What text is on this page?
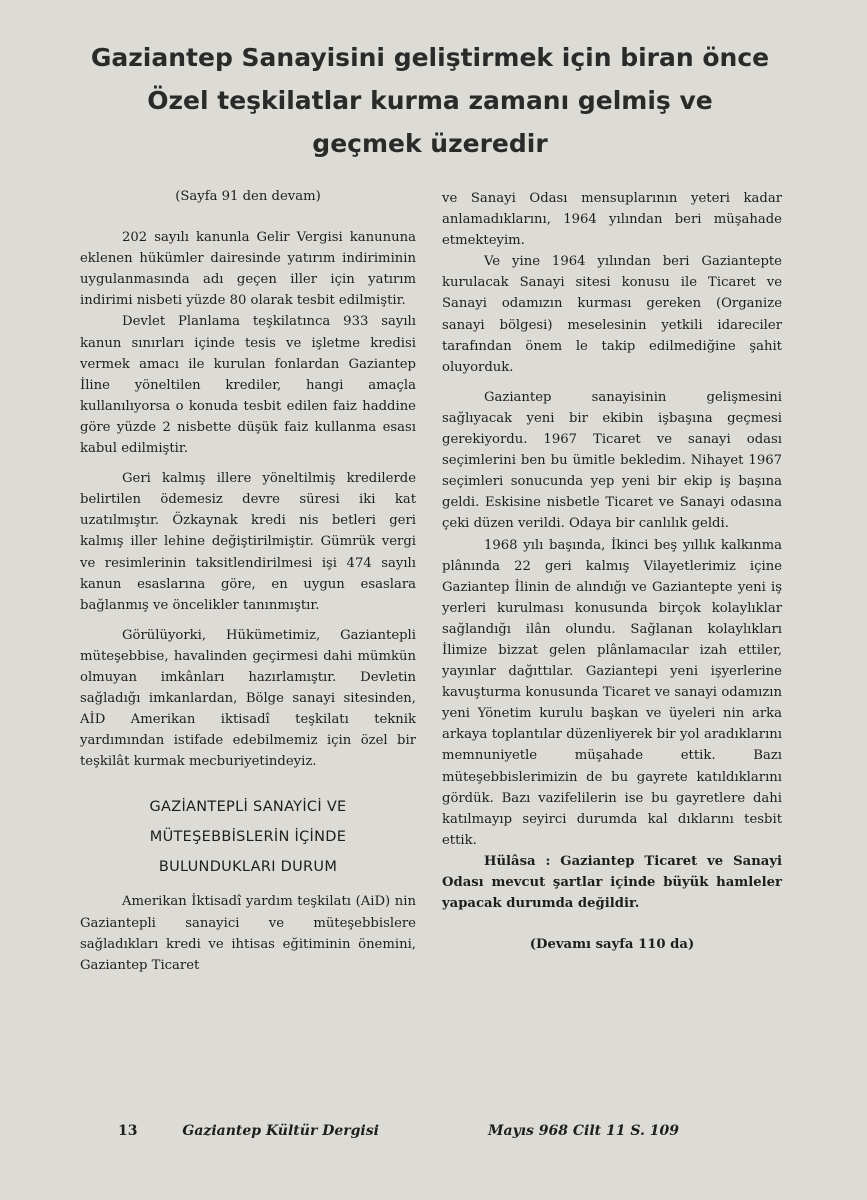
Gaziantep Sanayisini geliştirmek için biran önce
Özel teşkilatlar kurma zamanı gelmiş ve
geçmek üzeredir

(Sayfa 91 den devam)

202 sayılı kanunla Gelir Vergisi kanununa eklenen hükümler dairesinde yatırım indiriminin uygulanmasında adı geçen iller için yatırım indirimi nisbeti yüzde 80 olarak tesbit edilmiştir.

Devlet Planlama teşkilatınca 933 sayılı kanun sınırları içinde tesis ve işletme kredisi vermek amacı ile kurulan fonlardan Gaziantep İline yöneltilen krediler, hangi amaçla kullanılıyorsa o konuda tesbit edilen faiz haddine göre yüzde 2 nisbette düşük faiz kullanma esası kabul edilmiştir.

Geri kalmış illere yöneltilmiş kredilerde belirtilen ödemesiz devre süresi iki kat uzatılmıştır. Özkaynak kredi nis betleri geri kalmış iller lehine değiştirilmiştir. Gümrük vergi ve resimlerinin taksitlendirilmesi işi 474 sayılı kanun esaslarına göre, en uygun esaslara bağlanmış ve öncelikler tanınmıştır.

Görülüyorki, Hükümetimiz, Gaziantepli müteşebbise, havalinden geçirmesi dahi mümkün olmuyan imkânları hazırlamıştır. Devletin sağladığı imkanlardan, Bölge sanayi sitesinden, AİD Amerikan iktisadî teşkilatı teknik yardımından istifade edebilmemiz için özel bir teşkilât kurmak mecburiyetindeyiz.

GAZİANTEPLİ SANAYİCİ VE
MÜTEŞEBBİSLERİN İÇİNDE
BULUNDUKLARI DURUM

Amerikan İktisadî yardım teşkilatı (AiD) nin Gaziantepli sanayici ve müteşebbislere sağladıkları kredi ve ihtisas eğitiminin önemini, Gaziantep Ticaret

ve Sanayi Odası mensuplarının yeteri kadar anlamadıklarını, 1964 yılından beri müşahade etmekteyim.

Ve yine 1964 yılından beri Gaziantepte kurulacak Sanayi sitesi konusu ile Ticaret ve Sanayi odamızın kurması gereken (Organize sanayi bölgesi) meselesinin yetkili idareciler tarafından önem le takip edilmediğine şahit oluyorduk.

Gaziantep sanayisinin gelişmesini sağlıyacak yeni bir ekibin işbaşına geçmesi gerekiyordu. 1967 Ticaret ve sanayi odası seçimlerini ben bu ümitle bekledim. Nihayet 1967 seçimleri sonucunda yep yeni bir ekip iş başına geldi. Eskisine nisbetle Ticaret ve Sanayi odasına çeki düzen verildi. Odaya bir canlılık geldi.

1968 yılı başında, İkinci beş yıllık kalkınma plânında 22 geri kalmış Vilayetlerimiz içine Gaziantep İlinin de alındığı ve Gaziantepte yeni iş yerleri kurulması konusunda birçok kolaylıklar sağlandığı ilân olundu. Sağlanan kolaylıkları İlimize bizzat gelen plânlamacılar izah ettiler, yayınlar dağıttılar. Gaziantepi yeni işyerlerine kavuşturma konusunda Ticaret ve sanayi odamızın yeni Yönetim kurulu başkan ve üyeleri nin arka arkaya toplantılar düzenliyerek bir yol aradıklarını memnuniyetle müşahade ettik. Bazı müteşebbislerimizin de bu gayrete katıldıklarını gördük. Bazı vazifelilerin ise bu gayretlere dahi katılmayıp seyirci durumda kal dıklarını tesbit ettik.

Hülâsa : Gaziantep Ticaret ve Sanayi Odası mevcut şartlar içinde büyük hamleler yapacak durumda değildir.

(Devamı sayfa 110 da)

13	Gaziantep Kültür Dergisi	Mayıs 968 Cilt 11 S. 109
